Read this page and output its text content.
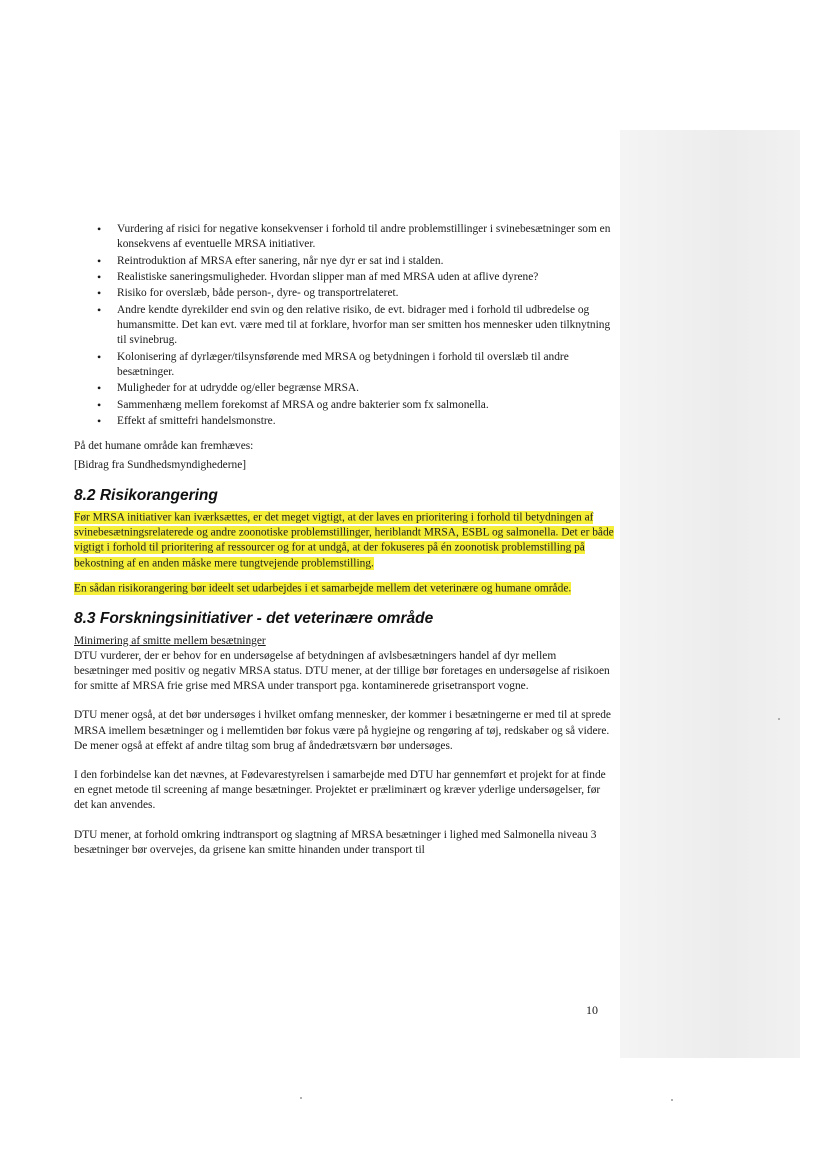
• Vurdering af risici for negative konsekvenser i forhold til andre problemstillinger i svinebesætninger som en konsekvens af eventuelle MRSA initiativer.
• Reintroduktion af MRSA efter sanering, når nye dyr er sat ind i stalden.
• Realistiske saneringsmuligheder. Hvordan slipper man af med MRSA uden at aflive dyrene?
• Risiko for overslæb, både person-, dyre- og transportrelateret.
• Andre kendte dyrekilder end svin og den relative risiko, de evt. bidrager med i forhold til udbredelse og humansmitte. Det kan evt. være med til at forklare, hvorfor man ser smitten hos mennesker uden tilknytning til svinebrug.
• Kolonisering af dyrlæger/tilsynsførende med MRSA og betydningen i forhold til overslæb til andre besætninger.
• Muligheder for at udrydde og/eller begrænse MRSA.
• Sammenhæng mellem forekomst af MRSA og andre bakterier som fx salmonella.
• Effekt af smittefri handelsmonstre.

På det humane område kan fremhæves:

[Bidrag fra Sundhedsmyndighederne]

8.2 Risikorangering

Før MRSA initiativer kan iværksættes, er det meget vigtigt, at der laves en prioritering i forhold til betydningen af svinebesætningsrelaterede og andre zoonotiske problemstillinger, heriblandt MRSA, ESBL og salmonella. Det er både vigtigt i forhold til prioritering af ressourcer og for at undgå, at der fokuseres på én zoonotisk problemstilling på bekostning af en anden måske mere tungtvejende problemstilling.

En sådan risikorangering bør ideelt set udarbejdes i et samarbejde mellem det veterinære og humane område.

8.3 Forskningsinitiativer - det veterinære område

Minimering af smitte mellem besætninger

DTU vurderer, der er behov for en undersøgelse af betydningen af avlsbesætningers handel af dyr mellem besætninger med positiv og negativ MRSA status. DTU mener, at der tillige bør foretages en undersøgelse af risikoen for smitte af MRSA frie grise med MRSA under transport pga. kontaminerede grisetransport vogne.

DTU mener også, at det bør undersøges i hvilket omfang mennesker, der kommer i besætningerne er med til at sprede MRSA imellem besætninger og i mellemtiden bør fokus være på hygiejne og rengøring af tøj, redskaber og så videre. De mener også at effekt af andre tiltag som brug af åndedrætsværn bør undersøges.

I den forbindelse kan det nævnes, at Fødevarestyrelsen i samarbejde med DTU har gennemført et projekt for at finde en egnet metode til screening af mange besætninger. Projektet er præliminært og kræver yderlige undersøgelser, før det kan anvendes.

DTU mener, at forhold omkring indtransport og slagtning af MRSA besætninger i lighed med Salmonella niveau 3 besætninger bør overvejes, da grisene kan smitte hinanden under transport til

10
